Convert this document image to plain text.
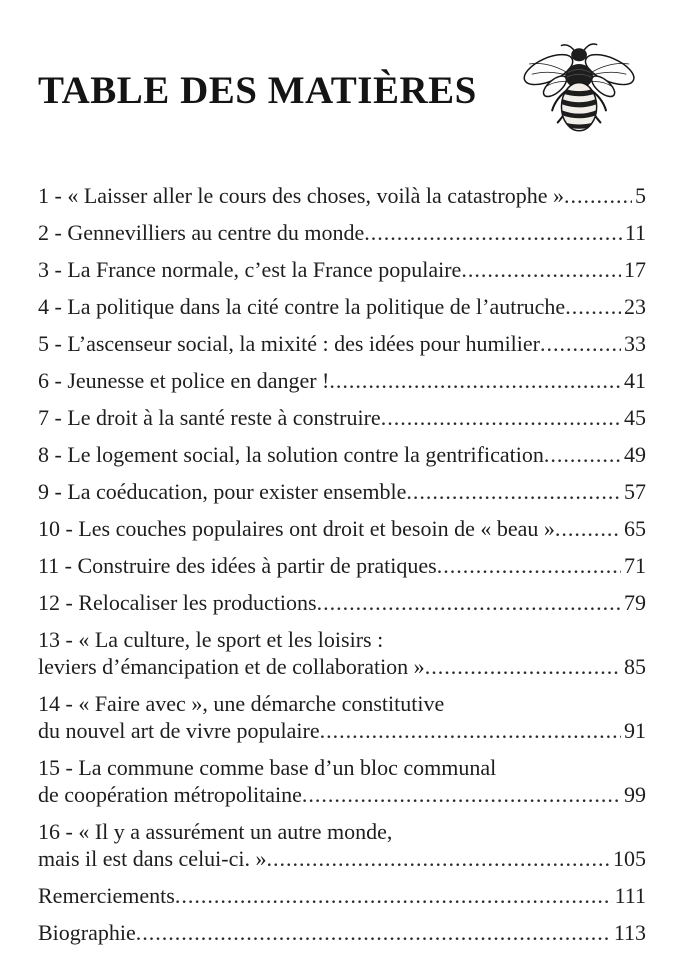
TABLE DES MATIÈRES
1 - « Laisser aller le cours des choses, voilà la catastrophe » .....	5
2 - Gennevilliers au centre du monde .....	11
3 - La France normale, c’est la France populaire .....	17
4 - La politique dans la cité contre la politique de l’autruche .....	23
5 - L’ascenseur social, la mixité : des idées pour humilier .....	33
6 - Jeunesse et police en danger ! .....	41
7 - Le droit à la santé reste à construire .....	45
8 - Le logement social, la solution contre la gentrification .....	49
9 - La coéducation, pour exister ensemble .....	57
10 - Les couches populaires ont droit et besoin de « beau » .....	65
11 - Construire des idées à partir de pratiques .....	71
12 - Relocaliser les productions .....	79
13 - « La culture, le sport et les loisirs :
leviers d’émancipation et de collaboration » .....	85
14 - « Faire avec », une démarche constitutive
du nouvel art de vivre populaire .....	91
15 - La commune comme base d’un bloc communal
de coopération métropolitaine .....	99
16 - « Il y a assurément un autre monde,
mais il est dans celui-ci. » .....	105
Remerciements .....	111
Biographie .....	113
